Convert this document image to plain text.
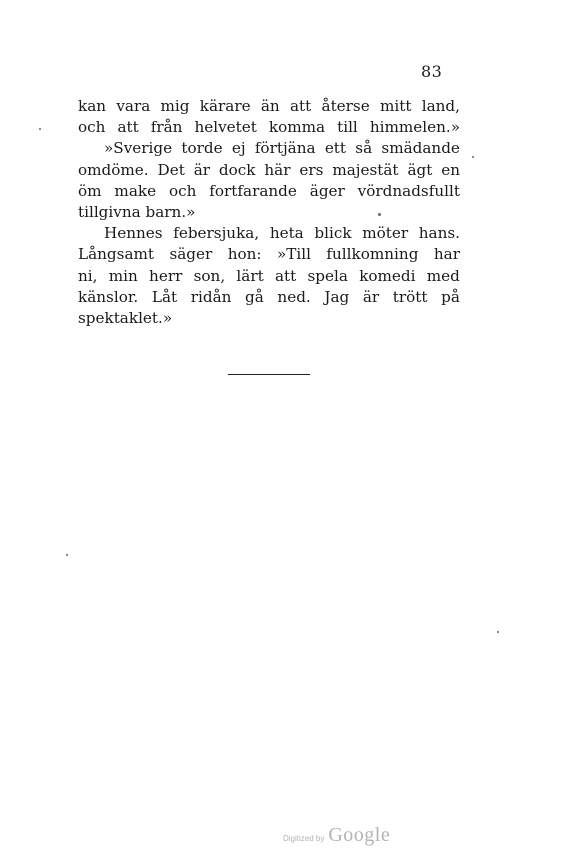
83
kan vara mig kärare än att återse mitt land,
och att från helvetet komma till himmelen.»
»Sverige torde ej förtjäna ett så smädande
omdöme. Det är dock här ers majestät ägt en
öm make och fortfarande äger vördnadsfullt
tillgivna barn.»
Hennes febersjuka, heta blick möter hans.
Långsamt säger hon: »Till fullkomning har
ni, min herr son, lärt att spela komedi med
känslor. Låt ridån gå ned. Jag är trött på
spektaklet.»
Digitized by Google
